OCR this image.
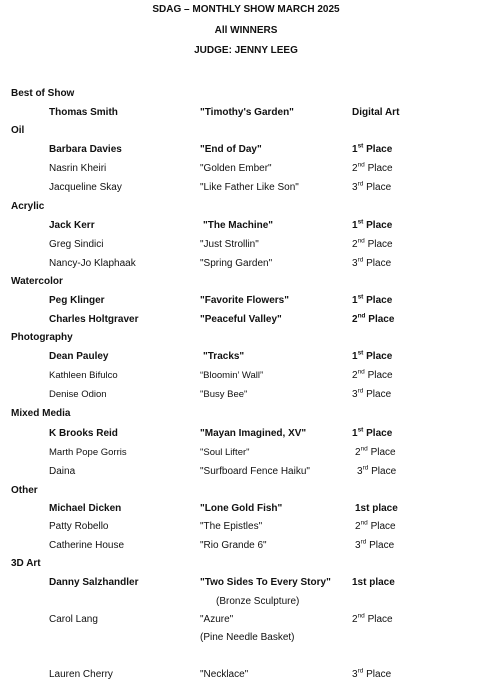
SDAG – MONTHLY SHOW MARCH 2025
All WINNERS
JUDGE: JENNY LEEG
Best of Show
Thomas Smith	"Timothy's Garden"	Digital Art
Oil
Barbara Davies	"End of Day"	1st Place
Nasrin Kheiri	"Golden Ember"	2nd Place
Jacqueline Skay	"Like Father Like Son"	3rd Place
Acrylic
Jack Kerr	"The Machine"	1st Place
Greg Sindici	"Just Strollin"	2nd Place
Nancy-Jo Klaphaak	"Spring Garden"	3rd Place
Watercolor
Peg Klinger	"Favorite Flowers"	1st Place
Charles Holtgraver	"Peaceful Valley"	2nd Place
Photography
Dean Pauley	"Tracks"	1st Place
Kathleen Bifulco	“Bloomin’ Wall”	2nd Place
Denise Odion	"Busy Bee"	3rd Place
Mixed Media
K Brooks Reid	"Mayan Imagined, XV"	1st Place
Marth Pope Gorris	"Soul Lifter"	2nd Place
Daina	"Surfboard Fence Haiku"	3rd Place
Other
Michael Dicken	"Lone Gold Fish"	1st place
Patty Robello	"The Epistles"	2nd Place
Catherine House	"Rio Grande 6"	3rd Place
3D Art
Danny Salzhandler	"Two Sides To Every Story" 1st place
(Bronze Sculpture)
Carol Lang	"Azure"	2nd Place
(Pine Needle Basket)
Lauren Cherry	"Necklace"	3rd Place
